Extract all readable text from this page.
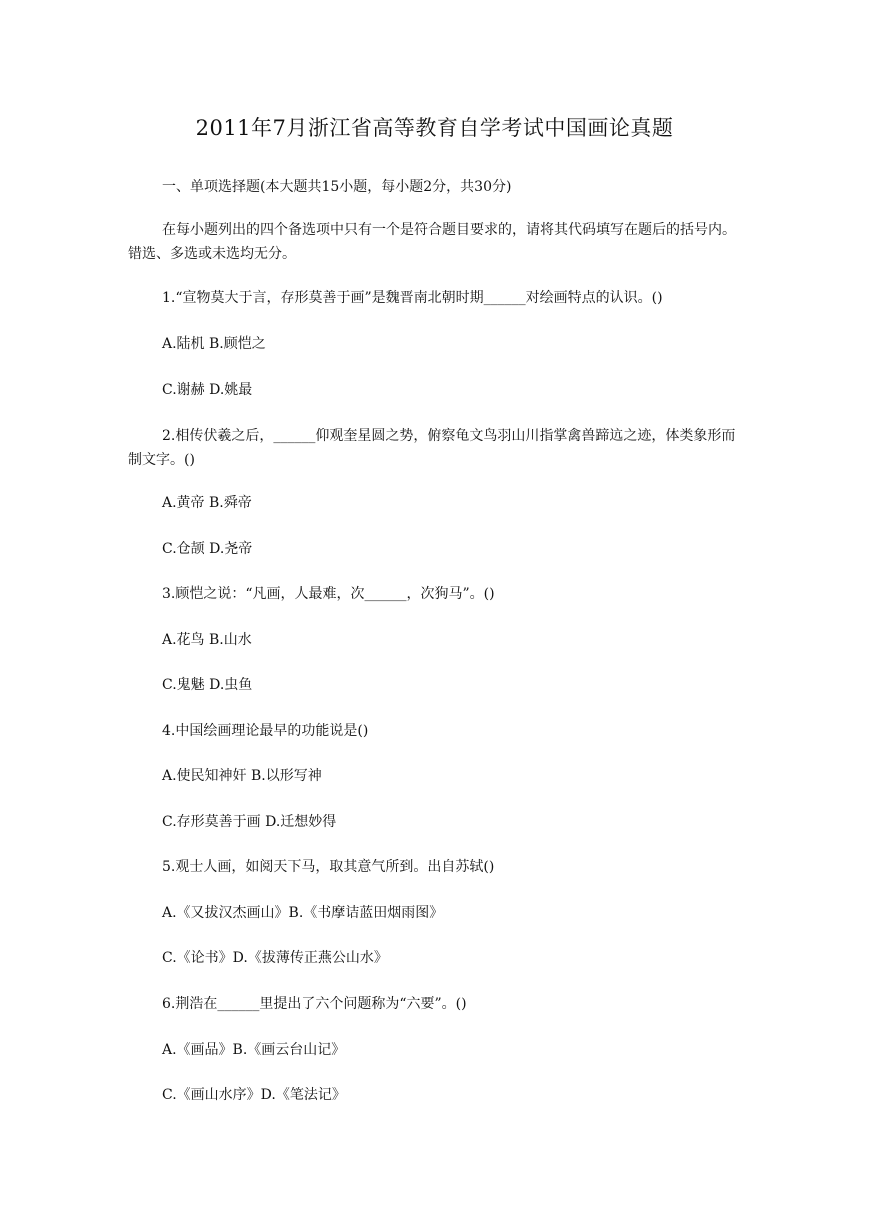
2011年7月浙江省高等教育自学考试中国画论真题
一、单项选择题(本大题共15小题，每小题2分，共30分)
在每小题列出的四个备选项中只有一个是符合题目要求的，请将其代码填写在题后的括号内。错选、多选或未选均无分。
1.“宣物莫大于言，存形莫善于画”是魏晋南北朝时期______对绘画特点的认识。()
A.陆机 B.顾恺之
C.谢赫 D.姚最
2.相传伏羲之后，______仰观奎星圆之势，俯察龟文鸟羽山川指掌禽兽蹄迒之迹，体类象形而制文字。()
A.黄帝 B.舜帝
C.仓颉 D.尧帝
3.顾恺之说：“凡画，人最难，次______，次狗马”。()
A.花鸟 B.山水
C.鬼魅 D.虫鱼
4.中国绘画理论最早的功能说是()
A.使民知神奸 B.以形写神
C.存形莫善于画 D.迁想妙得
5.观士人画，如阅天下马，取其意气所到。出自苏轼()
A.《又拔汉杰画山》B.《书摩诘蓝田烟雨图》
C.《论书》D.《拔薄传正燕公山水》
6.荆浩在______里提出了六个问题称为“六要”。()
A.《画品》B.《画云台山记》
C.《画山水序》D.《笔法记》
